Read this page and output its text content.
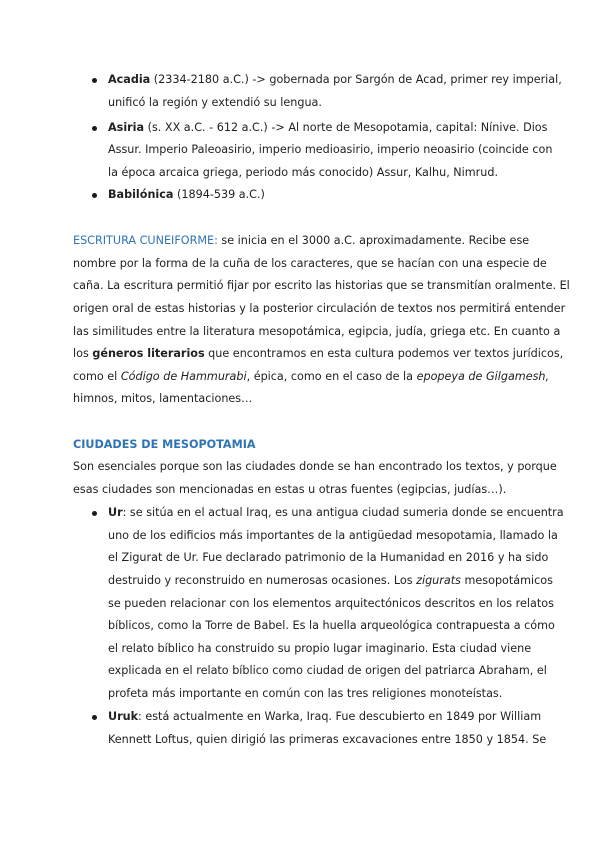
Acadia (2334-2180 a.C.) -> gobernada por Sargón de Acad, primer rey imperial,
unificó la región y extendió su lengua.
Asiria (s. XX a.C. - 612 a.C.) -> Al norte de Mesopotamia, capital: Nínive. Dios
Assur. Imperio Paleoasirio, imperio medioasirio, imperio neoasirio (coincide con
la época arcaica griega, periodo más conocido) Assur, Kalhu, Nimrud.
Babilónica (1894-539 a.C.)
ESCRITURA CUNEIFORME: se inicia en el 3000 a.C. aproximadamente. Recibe ese
nombre por la forma de la cuña de los caracteres, que se hacían con una especie de
caña. La escritura permitió fijar por escrito las historias que se transmitían oralmente. El
origen oral de estas historias y la posterior circulación de textos nos permitirá entender
las similitudes entre la literatura mesopotámica, egipcia, judía, griega etc. En cuanto a
los géneros literarios que encontramos en esta cultura podemos ver textos jurídicos,
como el Código de Hammurabi, épica, como en el caso de la epopeya de Gilgamesh,
himnos, mitos, lamentaciones…
CIUDADES DE MESOPOTAMIA
Son esenciales porque son las ciudades donde se han encontrado los textos, y porque
esas ciudades son mencionadas en estas u otras fuentes (egipcias, judías…).
Ur: se sitúa en el actual Iraq, es una antigua ciudad sumeria donde se encuentra
uno de los edificios más importantes de la antigüedad mesopotamia, llamado la
el Zigurat de Ur. Fue declarado patrimonio de la Humanidad en 2016 y ha sido
destruido y reconstruido en numerosas ocasiones. Los zigurats mesopotámicos
se pueden relacionar con los elementos arquitectónicos descritos en los relatos
bíblicos, como la Torre de Babel. Es la huella arqueológica contrapuesta a cómo
el relato bíblico ha construido su propio lugar imaginario. Esta ciudad viene
explicada en el relato bíblico como ciudad de origen del patriarca Abraham, el
profeta más importante en común con las tres religiones monoteístas.
Uruk: está actualmente en Warka, Iraq. Fue descubierto en 1849 por William
Kennett Loftus, quien dirigió las primeras excavaciones entre 1850 y 1854. Se
